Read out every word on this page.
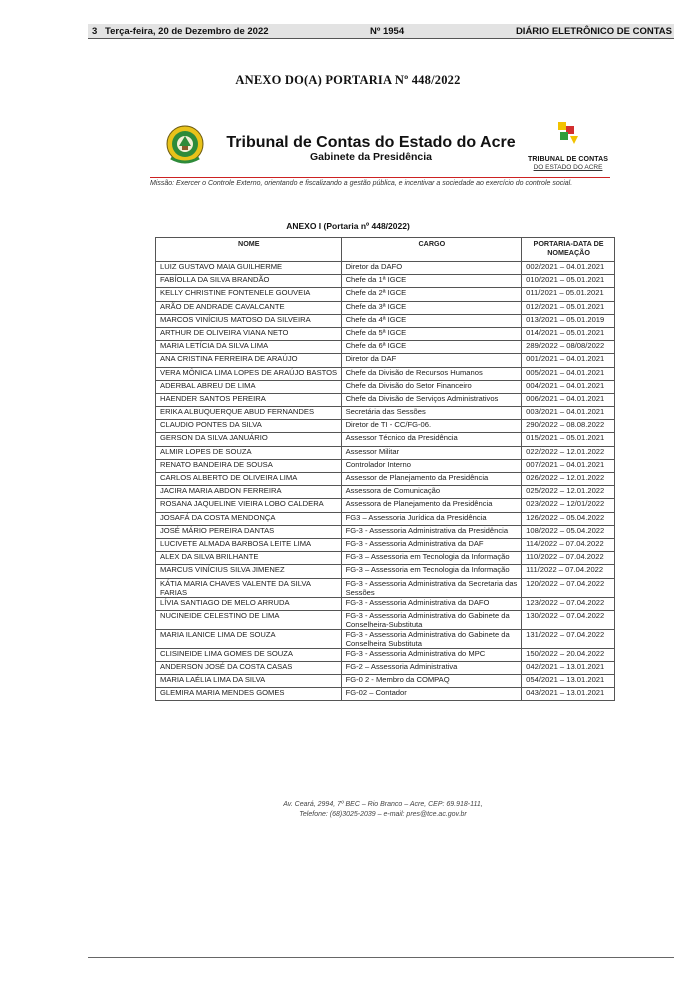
3 Terça-feira, 20 de Dezembro de 2022	Nº 1954	DIÁRIO ELETRÔNICO DE CONTAS
ANEXO DO(A) PORTARIA Nº 448/2022
Tribunal de Contas do Estado do Acre
Gabinete da Presidência	TRIBUNAL DE CONTAS
DO ESTADO DO ACRE
Missão: Exercer o Controle Externo, orientando e fiscalizando a gestão pública, e incentivar a sociedade ao exercício do controle social.
ANEXO I (Portaria nº 448/2022)
NOME	CARGO	PORTARIA-DATA DE NOMEAÇÃO
LUIZ GUSTAVO MAIA GUILHERME	Diretor da DAFO	002/2021 – 04.01.2021
FABÍOLLA DA SILVA BRANDÃO	Chefe da 1ª IGCE	010/2021 – 05.01.2021
KELLY CHRISTINE FONTENELE GOUVEIA	Chefe da 2ª IGCE	011/2021 – 05.01.2021
ARÃO DE ANDRADE CAVALCANTE	Chefe da 3ª IGCE	012/2021 – 05.01.2021
MARCOS VINÍCIUS MATOSO DA SILVEIRA	Chefe da 4ª IGCE	013/2021 – 05.01.2019
ARTHUR DE OLIVEIRA VIANA NETO	Chefe da 5ª IGCE	014/2021 – 05.01.2021
MARIA LETÍCIA DA SILVA LIMA	Chefe da 6ª IGCE	289/2022 – 08/08/2022
ANA CRISTINA FERREIRA DE ARAÚJO	Diretor da DAF	001/2021 – 04.01.2021
VERA MÔNICA LIMA LOPES DE ARAÚJO BASTOS	Chefe da Divisão de Recursos Humanos	005/2021 – 04.01.2021
ADERBAL ABREU DE LIMA	Chefe da Divisão do Setor Financeiro	004/2021 – 04.01.2021
HAENDER SANTOS PEREIRA	Chefe da Divisão de Serviços Administrativos	006/2021 – 04.01.2021
ERIKA ALBUQUERQUE ABUD FERNANDES	Secretária das Sessões	003/2021 – 04.01.2021
CLAUDIO PONTES DA SILVA	Diretor de TI - CC/FG-06.	290/2022 – 08.08.2022
GERSON DA SILVA JANUÁRIO	Assessor Técnico da Presidência	015/2021 – 05.01.2021
ALMIR LOPES DE SOUZA	Assessor Militar	022/2022 – 12.01.2022
RENATO BANDEIRA DE SOUSA	Controlador Interno	007/2021 – 04.01.2021
CARLOS ALBERTO DE OLIVEIRA LIMA	Assessor de Planejamento da Presidência	026/2022 – 12.01.2022
JACIRA MARIA ABDON FERREIRA	Assessora de Comunicação	025/2022 – 12.01.2022
ROSANA JAQUELINE VIEIRA LOBO CALDERA	Assessora de Planejamento da Presidência	023/2022 – 12/01/2022
JOSAFÁ DA COSTA MENDONÇA	FG3 – Assessoria Jurídica da Presidência	126/2022 – 05.04.2022
JOSÉ MÁRIO PEREIRA DANTAS	FG-3 - Assessoria Administrativa da Presidência	108/2022 – 05.04.2022
LUCIVETE ALMADA BARBOSA LEITE LIMA	FG-3 - Assessoria Administrativa da DAF	114/2022 – 07.04.2022
ALEX DA SILVA BRILHANTE	FG-3 – Assessoria em Tecnologia da Informação	110/2022 – 07.04.2022
MARCUS VINÍCIUS SILVA JIMENEZ	FG-3 – Assessoria em Tecnologia da Informação	111/2022 – 07.04.2022
KÁTIA MARIA CHAVES VALENTE DA SILVA FARIAS	FG-3 - Assessoria Administrativa da Secretaria das Sessões	120/2022 – 07.04.2022
LÍVIA SANTIAGO DE MELO ARRUDA	FG-3 - Assessoria Administrativa da DAFO	123/2022 – 07.04.2022
NUCINEIDE CELESTINO DE LIMA	FG-3 - Assessoria Administrativa do Gabinete da Conselheira-Substituta	130/2022 – 07.04.2022
MARIA ILANICE LIMA DE SOUZA	FG-3 - Assessoria Administrativa do Gabinete da Conselheira Substituta	131/2022 – 07.04.2022
CLISINEIDE LIMA GOMES DE SOUZA	FG-3 - Assessoria Administrativa do MPC	150/2022 – 20.04.2022
ANDERSON JOSÉ DA COSTA CASAS	FG-2 – Assessoria Administrativa	042/2021 – 13.01.2021
MARIA LAÉLIA LIMA DA SILVA	FG-0 2 - Membro da COMPAQ	054/2021 – 13.01.2021
GLEMIRA MARIA MENDES GOMES	FG-02 – Contador	043/2021 – 13.01.2021
Av. Ceará, 2994, 7º BEC – Rio Branco – Acre, CEP: 69.918-111,
Telefone: (68)3025-2039 – e-mail: pres@tce.ac.gov.br
